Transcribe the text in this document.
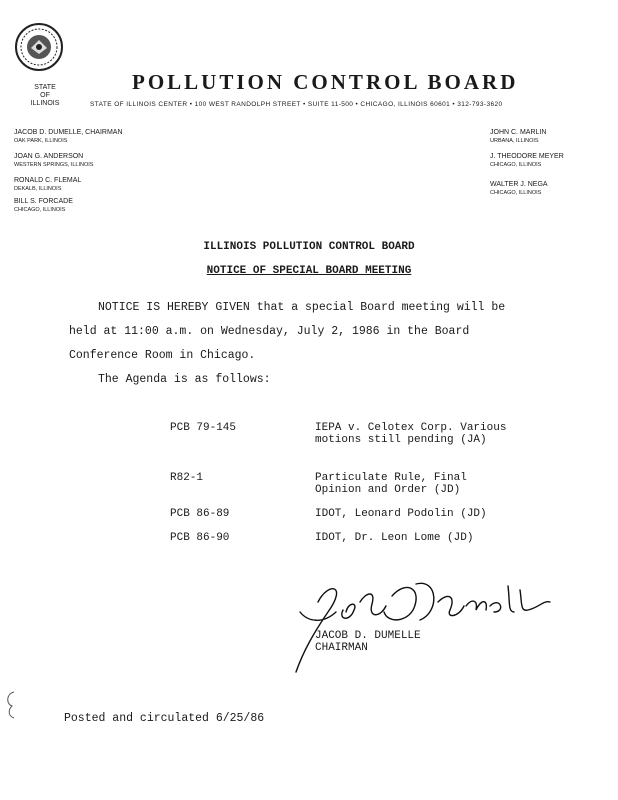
STATE
OF
ILLINOIS
POLLUTION CONTROL BOARD
STATE OF ILLINOIS CENTER • 100 WEST RANDOLPH STREET • SUITE 11-500 • CHICAGO, ILLINOIS 60601 • 312-793-3620
JACOB D. DUMELLE, CHAIRMAN
OAK PARK, ILLINOIS
JOAN G. ANDERSON
WESTERN SPRINGS, ILLINOIS
RONALD C. FLEMAL
DEKALB, ILLINOIS
BILL S. FORCADE
CHICAGO, ILLINOIS
JOHN C. MARLIN
URBANA, ILLINOIS
J. THEODORE MEYER
CHICAGO, ILLINOIS
WALTER J. NEGA
CHICAGO, ILLINOIS
ILLINOIS POLLUTION CONTROL BOARD
NOTICE OF SPECIAL BOARD MEETING
NOTICE IS HEREBY GIVEN that a special Board meeting will be
held at 11:00 a.m. on Wednesday, July 2, 1986 in the Board
Conference Room in Chicago.
The Agenda is as follows:
PCB 79-145	IEPA v. Celotex Corp. Various motions still pending (JA)
R82-1	Particulate Rule, Final Opinion and Order (JD)
PCB 86-89	IDOT, Leonard Podolin (JD)
PCB 86-90	IDOT, Dr. Leon Lome (JD)
JACOB D. DUMELLE
CHAIRMAN
Posted and circulated 6/25/86
